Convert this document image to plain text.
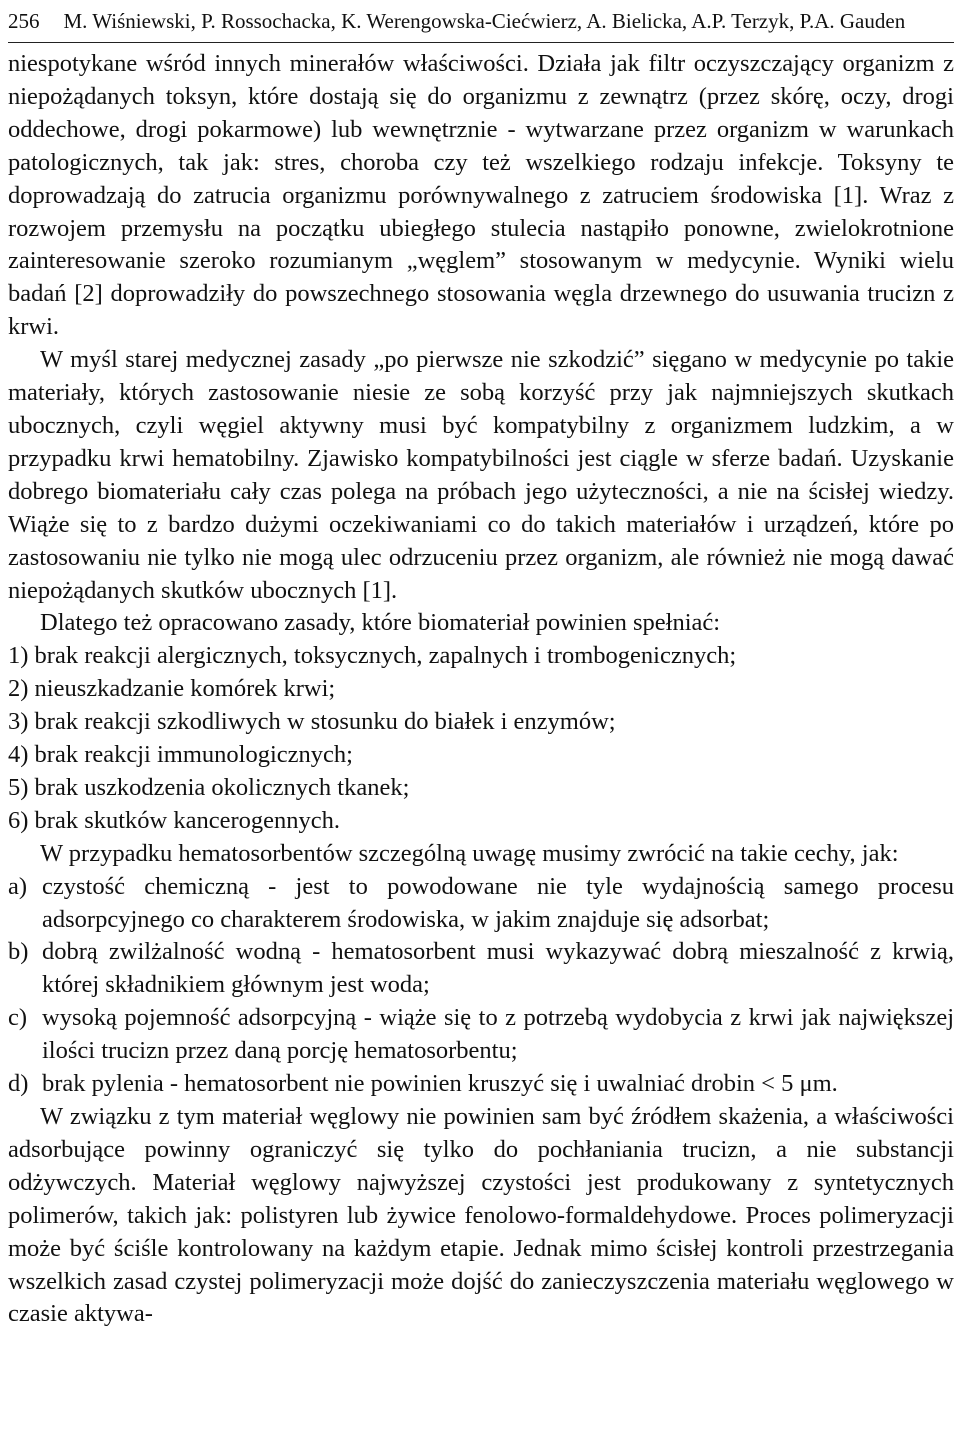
256 M. Wiśniewski, P. Rossochacka, K. Werengowska-Ciećwierz, A. Bielicka, A.P. Terzyk, P.A. Gauden

niespotykane wśród innych minerałów właściwości. Działa jak filtr oczyszczający organizm z niepożądanych toksyn, które dostają się do organizmu z zewnątrz (przez skórę, oczy, drogi oddechowe, drogi pokarmowe) lub wewnętrznie - wytwarzane przez organizm w warunkach patologicznych, tak jak: stres, choroba czy też wszelkiego rodzaju infekcje. Toksyny te doprowadzają do zatrucia organizmu porównywalnego z zatruciem środowiska [1]. Wraz z rozwojem przemysłu na początku ubiegłego stulecia nastąpiło ponowne, zwielokrotnione zainteresowanie szeroko rozumianym „węglem” stosowanym w medycynie. Wyniki wielu badań [2] doprowadziły do powszechnego stosowania węgla drzewnego do usuwania trucizn z krwi.

W myśl starej medycznej zasady „po pierwsze nie szkodzić” sięgano w medycynie po takie materiały, których zastosowanie niesie ze sobą korzyść przy jak najmniejszych skutkach ubocznych, czyli węgiel aktywny musi być kompatybilny z organizmem ludzkim, a w przypadku krwi hematobilny. Zjawisko kompatybilności jest ciągle w sferze badań. Uzyskanie dobrego biomateriału cały czas polega na próbach jego użyteczności, a nie na ścisłej wiedzy. Wiąże się to z bardzo dużymi oczekiwaniami co do takich materiałów i urządzeń, które po zastosowaniu nie tylko nie mogą ulec odrzuceniu przez organizm, ale również nie mogą dawać niepożądanych skutków ubocznych [1].

Dlatego też opracowano zasady, które biomateriał powinien spełniać:

1) brak reakcji alergicznych, toksycznych, zapalnych i trombogenicznych;

2) nieuszkadzanie komórek krwi;

3) brak reakcji szkodliwych w stosunku do białek i enzymów;

4) brak reakcji immunologicznych;

5) brak uszkodzenia okolicznych tkanek;

6) brak skutków kancerogennych.

W przypadku hematosorbentów szczególną uwagę musimy zwrócić na takie cechy, jak:

a) czystość chemiczną - jest to powodowane nie tyle wydajnością samego procesu adsorpcyjnego co charakterem środowiska, w jakim znajduje się adsorbat;
b) dobrą zwilżalność wodną - hematosorbent musi wykazywać dobrą mieszalność z krwią, której składnikiem głównym jest woda;
c) wysoką pojemność adsorpcyjną - wiąże się to z potrzebą wydobycia z krwi jak największej ilości trucizn przez daną porcję hematosorbentu;
d) brak pylenia - hematosorbent nie powinien kruszyć się i uwalniać drobin < 5 μm.

W związku z tym materiał węglowy nie powinien sam być źródłem skażenia, a właściwości adsorbujące powinny ograniczyć się tylko do pochłaniania trucizn, a nie substancji odżywczych. Materiał węglowy najwyższej czystości jest produkowany z syntetycznych polimerów, takich jak: polistyren lub żywice fenolowo-formaldehydowe. Proces polimeryzacji może być ściśle kontrolowany na każdym etapie. Jednak mimo ścisłej kontroli przestrzegania wszelkich zasad czystej polimeryzacji może dojść do zanieczyszczenia materiału węglowego w czasie aktywa-
